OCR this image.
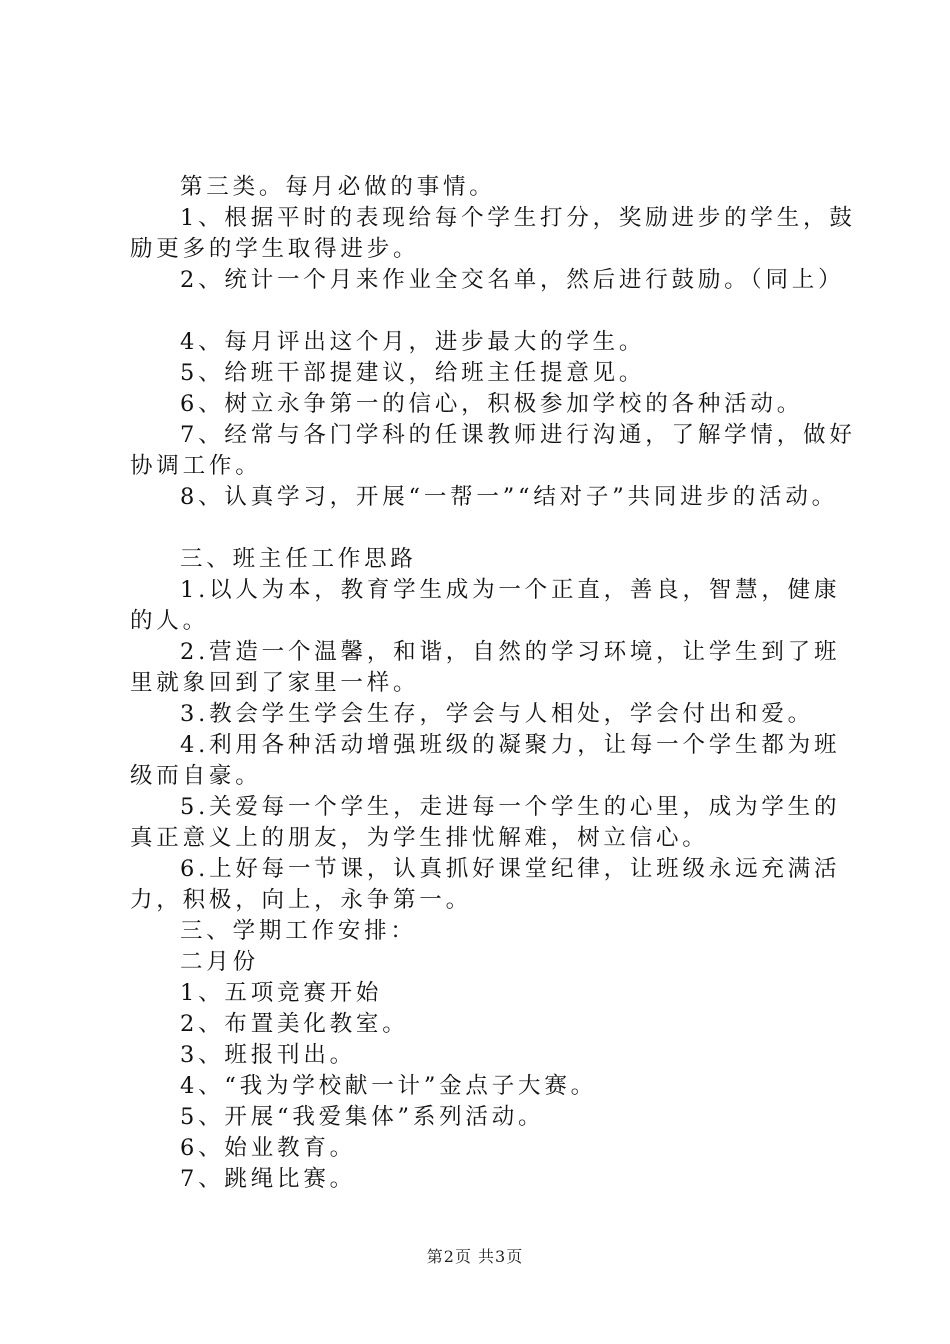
第三类。每月必做的事情。
1、根据平时的表现给每个学生打分，奖励进步的学生，鼓
励更多的学生取得进步。
2、统计一个月来作业全交名单，然后进行鼓励。（同上）
4、每月评出这个月，进步最大的学生。
5、给班干部提建议，给班主任提意见。
6、树立永争第一的信心，积极参加学校的各种活动。
7、经常与各门学科的任课教师进行沟通，了解学情，做好
协调工作。
8、认真学习，开展“一帮一”“结对子”共同进步的活动。
三、班主任工作思路
1.以人为本，教育学生成为一个正直，善良，智慧，健康
的人。
2.营造一个温馨，和谐，自然的学习环境，让学生到了班
里就象回到了家里一样。
3.教会学生学会生存，学会与人相处，学会付出和爱。
4.利用各种活动增强班级的凝聚力，让每一个学生都为班
级而自豪。
5.关爱每一个学生，走进每一个学生的心里，成为学生的
真正意义上的朋友，为学生排忧解难，树立信心。
6.上好每一节课，认真抓好课堂纪律，让班级永远充满活
力，积极，向上，永争第一。
三、学期工作安排：
二月份
1、五项竞赛开始
2、布置美化教室。
3、班报刊出。
4、“我为学校献一计”金点子大赛。
5、开展“我爱集体”系列活动。
6、始业教育。
7、跳绳比赛。
第2页 共3页
